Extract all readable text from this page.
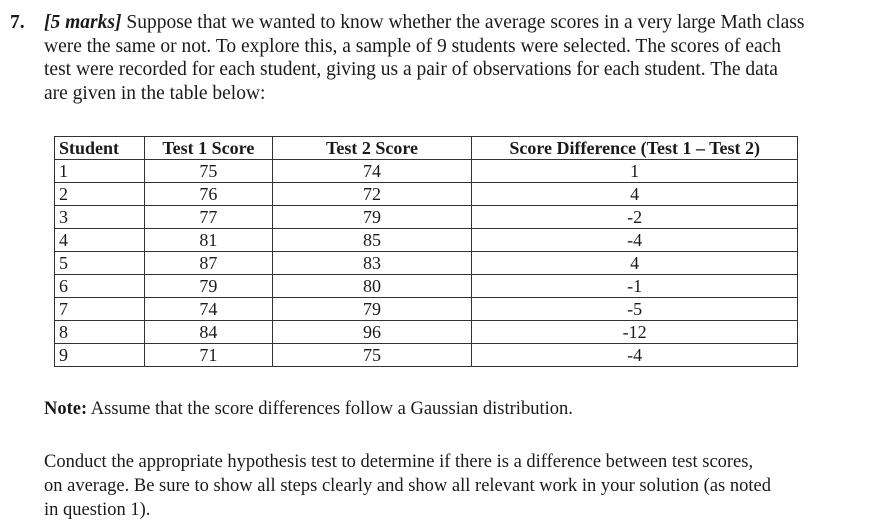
7. [5 marks] Suppose that we wanted to know whether the average scores in a very large Math class
were the same or not. To explore this, a sample of 9 students were selected. The scores of each
test were recorded for each student, giving us a pair of observations for each student. The data
are given in the table below:
Student	Test 1 Score	Test 2 Score	Score Difference (Test 1 – Test 2)
1	75	74	1
2	76	72	4
3	77	79	-2
4	81	85	-4
5	87	83	4
6	79	80	-1
7	74	79	-5
8	84	96	-12
9	71	75	-4
Note: Assume that the score differences follow a Gaussian distribution.
Conduct the appropriate hypothesis test to determine if there is a difference between test scores,
on average. Be sure to show all steps clearly and show all relevant work in your solution (as noted
in question 1).
